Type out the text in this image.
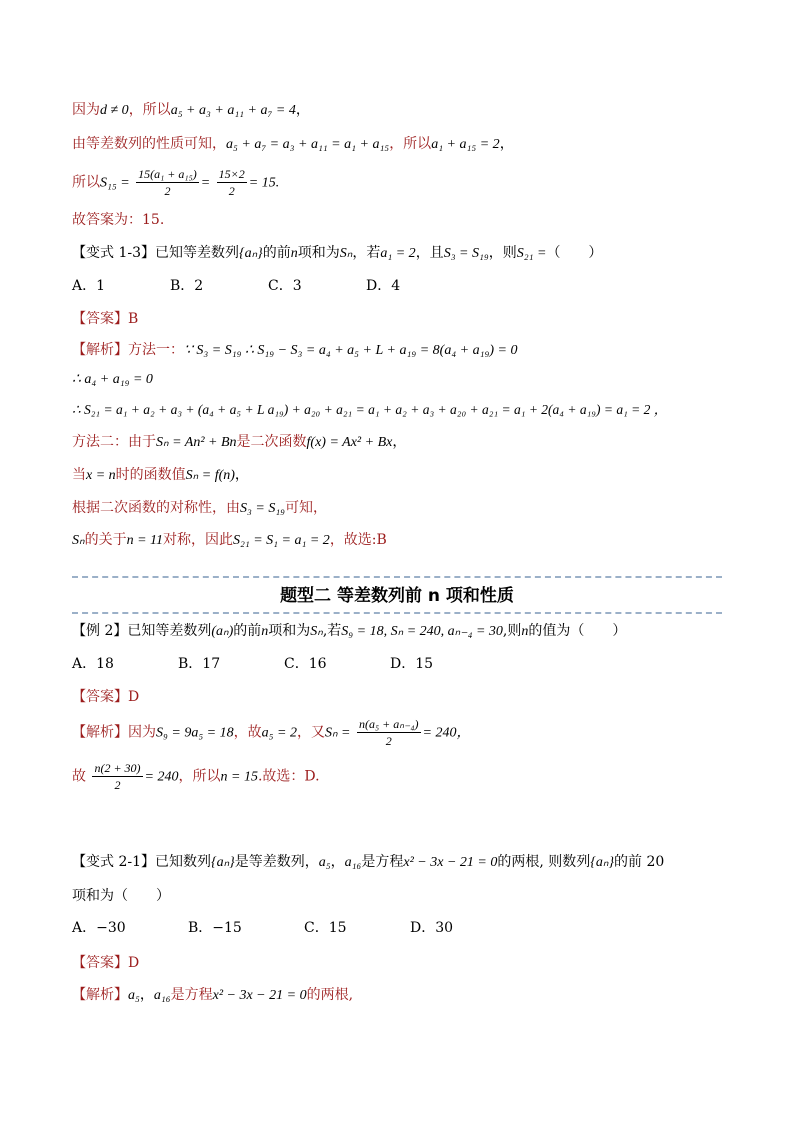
因为d ≠ 0，所以a₅ + a₃ + a₁₁ + a₇ = 4，
由等差数列的性质可知，a₅ + a₇ = a₃ + a₁₁ = a₁ + a₁₅，所以a₁ + a₁₅ = 2，
所以$S_{15} = \frac{\text{15(a₁ + a₁₅)}}{2} = \frac{15\times 2}{2} = 15$.
故答案为：15.
【变式 1-3】已知等差数列{aₙ}的前n项和为Sₙ，若a₁ = 2，且S₃ = S₁₉，则S₂₁ =（　　）
A．1	B．2	C．3	D．4
【答案】B
【解析】方法一：∵ S₃ = S₁₉ ∴ S₁₉ − S₃ = a₄ + a₅ + L + a₁₉ = 8(a₄ + a₁₉) = 0
∴ a₄ + a₁₉ = 0
∴ S₂₁ = a₁ + a₂ + a₃ + (a₄ + a₅ + L a₁₉) + a₂₀ + a₂₁ = a₁ + a₂ + a₃ + a₂₀ + a₂₁ = a₁ + 2(a₄ + a₁₉) = a₁ = 2 ，
方法二：由于Sₙ = An² + Bn是二次函数f(x) = Ax² + Bx，
当x = n时的函数值Sₙ = f(n)，
根据二次函数的对称性，由S₃ = S₁₉可知，
Sₙ的关于n = 11对称，因此S₂₁ = S₁ = a₁ = 2，故选:B
题型二 等差数列前 n 项和性质
【例 2】已知等差数列(aₙ)的前n项和为Sₙ,若S₉ = 18, Sₙ = 240, aₙ₋₄ = 30,则n的值为（　　）
A．18	B．17	C．16	D．15
【答案】D
【解析】因为S₉ = 9a₅ = 18，故a₅ = 2，又$S_n = \frac{\text{n(a₅ + aₙ₋₄)}}{2} = 240$，
故 $\frac{n(2 + 30)}{2} = 240$，所以n = 15.故选：D.
【变式 2-1】已知数列{aₙ}是等差数列，a₅，a₁₆是方程x² − 3x − 21 = 0的两根, 则数列{aₙ}的前 20
项和为（　　）
A．−30	B．−15	C．15	D．30
【答案】D
【解析】a₅，a₁₆是方程x² − 3x − 21 = 0的两根,
